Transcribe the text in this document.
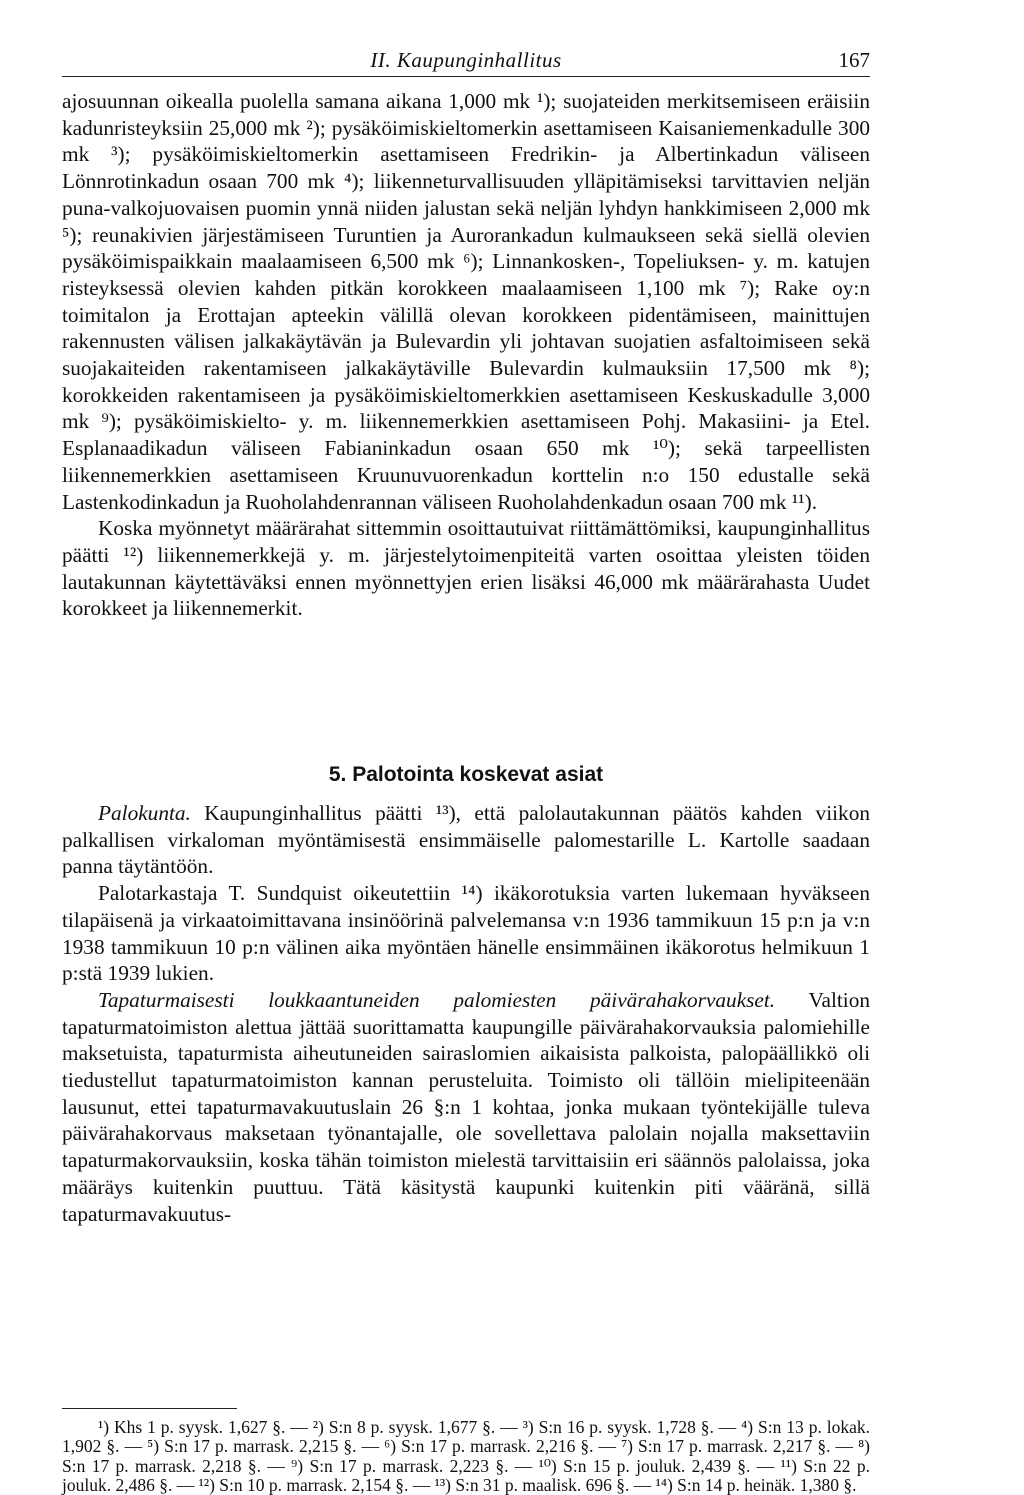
II. Kaupunginhallitus	167

ajosuunnan oikealla puolella samana aikana 1,000 mk ¹); suojateiden merkitsemiseen eräisiin kadunristeyksiin 25,000 mk ²); pysäköimiskieltomerkin asettamiseen Kaisaniemenkadulle 300 mk ³); pysäköimiskieltomerkin asettamiseen Fredrikin- ja Albertinkadun väliseen Lönnrotinkadun osaan 700 mk ⁴); liikenneturvallisuuden ylläpitämiseksi tarvittavien neljän puna-valkojuovaisen puomin ynnä niiden jalustan sekä neljän lyhdyn hankkimiseen 2,000 mk ⁵); reunakivien järjestämiseen Turuntien ja Aurorankadun kulmaukseen sekä siellä olevien pysäköimispaikkain maalaamiseen 6,500 mk ⁶); Linnankosken-, Topeliuksen- y. m. katujen risteyksessä olevien kahden pitkän korokkeen maalaamiseen 1,100 mk ⁷); Rake oy:n toimitalon ja Erottajan apteekin välillä olevan korokkeen pidentämiseen, mainittujen rakennusten välisen jalkakäytävän ja Bulevardin yli johtavan suojatien asfaltoimiseen sekä suojakaiteiden rakentamiseen jalkakäytäville Bulevardin kulmauksiin 17,500 mk ⁸); korokkeiden rakentamiseen ja pysäköimiskieltomerkkien asettamiseen Keskuskadulle 3,000 mk ⁹); pysäköimiskielto- y. m. liikennemerkkien asettamiseen Pohj. Makasiini- ja Etel. Esplanaadikadun väliseen Fabianinkadun osaan 650 mk ¹⁰); sekä tarpeellisten liikennemerkkien asettamiseen Kruunuvuorenkadun korttelin n:o 150 edustalle sekä Lastenkodinkadun ja Ruoholahdenrannan väliseen Ruoholahdenkadun osaan 700 mk ¹¹).

Koska myönnetyt määrärahat sittemmin osoittautuivat riittämättömiksi, kaupunginhallitus päätti ¹²) liikennemerkkejä y. m. järjestelytoimenpiteitä varten osoittaa yleisten töiden lautakunnan käytettäväksi ennen myönnettyjen erien lisäksi 46,000 mk määrärahasta Uudet korokkeet ja liikennemerkit.

5. Palotointa koskevat asiat

Palokunta. Kaupunginhallitus päätti ¹³), että palolautakunnan päätös kahden viikon palkallisen virkaloman myöntämisestä ensimmäiselle palomestarille L. Kartolle saadaan panna täytäntöön.

Palotarkastaja T. Sundquist oikeutettiin ¹⁴) ikäkorotuksia varten lukemaan hyväkseen tilapäisenä ja virkaatoimittavana insinöörinä palvelemansa v:n 1936 tammikuun 15 p:n ja v:n 1938 tammikuun 10 p:n välinen aika myöntäen hänelle ensimmäinen ikäkorotus helmikuun 1 p:stä 1939 lukien.

Tapaturmaisesti loukkaantuneiden palomiesten päivärahakorvaukset. Valtion tapaturmatoimiston alettua jättää suorittamatta kaupungille päivärahakorvauksia palomiehille maksetuista, tapaturmista aiheutuneiden sairaslomien aikaisista palkoista, palopäällikkö oli tiedustellut tapaturmatoimiston kannan perusteluita. Toimisto oli tällöin mielipiteenään lausunut, ettei tapaturmavakuutuslain 26 §:n 1 kohtaa, jonka mukaan työntekijälle tuleva päivärahakorvaus maksetaan työnantajalle, ole sovellettava palolain nojalla maksettaviin tapaturmakorvauksiin, koska tähän toimiston mielestä tarvittaisiin eri säännös palolaissa, joka määräys kuitenkin puuttuu. Tätä käsitystä kaupunki kuitenkin piti vääränä, sillä tapaturmavakuutus-

¹) Khs 1 p. syysk. 1,627 §. — ²) S:n 8 p. syysk. 1,677 §. — ³) S:n 16 p. syysk. 1,728 §. — ⁴) S:n 13 p. lokak. 1,902 §. — ⁵) S:n 17 p. marrask. 2,215 §. — ⁶) S:n 17 p. marrask. 2,216 §. — ⁷) S:n 17 p. marrask. 2,217 §. — ⁸) S:n 17 p. marrask. 2,218 §. — ⁹) S:n 17 p. marrask. 2,223 §. — ¹⁰) S:n 15 p. jouluk. 2,439 §. — ¹¹) S:n 22 p. jouluk. 2,486 §. — ¹²) S:n 10 p. marrask. 2,154 §. — ¹³) S:n 31 p. maalisk. 696 §. — ¹⁴) S:n 14 p. heinäk. 1,380 §.
